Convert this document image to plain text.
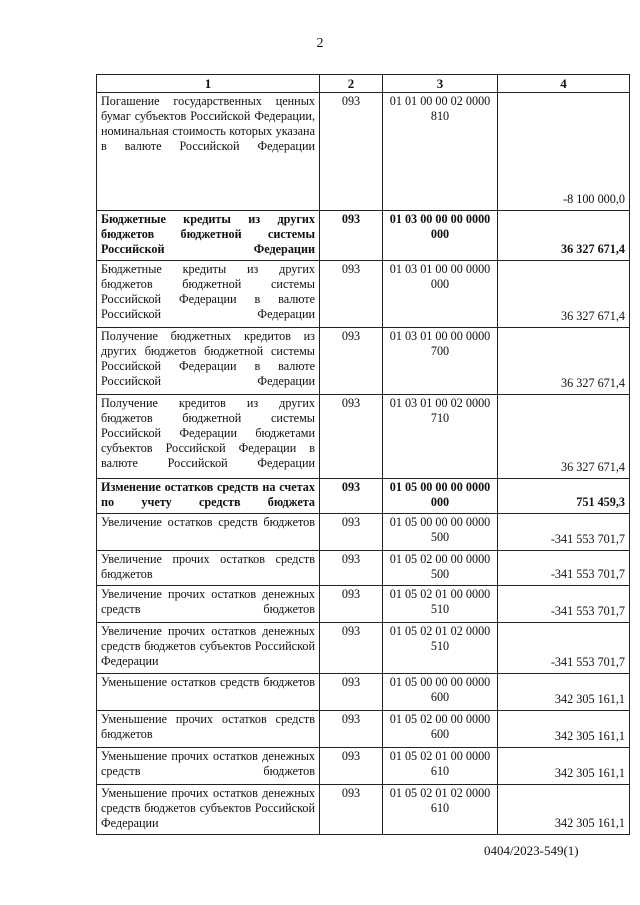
2
1	2	3	4
Погашение государственных ценных бумаг субъектов Российской Федерации, номинальная стоимость которых указана в валюте Российской Федерации	093	01 01 00 00 02 0000 810	-8 100 000,0
Бюджетные кредиты из других бюджетов бюджетной системы Российской Федерации	093	01 03 00 00 00 0000 000	36 327 671,4
Бюджетные кредиты из других бюджетов бюджетной системы Российской Федерации в валюте Российской Федерации	093	01 03 01 00 00 0000 000	36 327 671,4
Получение бюджетных кредитов из других бюджетов бюджетной системы Российской Федерации в валюте Российской Федерации	093	01 03 01 00 00 0000 700	36 327 671,4
Получение кредитов из других бюджетов бюджетной системы Российской Федерации бюджетами субъектов Российской Федерации в валюте Российской Федерации	093	01 03 01 00 02 0000 710	36 327 671,4
Изменение остатков средств на счетах по учету средств бюджета	093	01 05 00 00 00 0000 000	751 459,3
Увеличение остатков средств бюджетов	093	01 05 00 00 00 0000 500	-341 553 701,7
Увеличение прочих остатков средств бюджетов	093	01 05 02 00 00 0000 500	-341 553 701,7
Увеличение прочих остатков денежных средств бюджетов	093	01 05 02 01 00 0000 510	-341 553 701,7
Увеличение прочих остатков денежных средств бюджетов субъектов Российской Федерации	093	01 05 02 01 02 0000 510	-341 553 701,7
Уменьшение остатков средств бюджетов	093	01 05 00 00 00 0000 600	342 305 161,1
Уменьшение прочих остатков средств бюджетов	093	01 05 02 00 00 0000 600	342 305 161,1
Уменьшение прочих остатков денежных средств бюджетов	093	01 05 02 01 00 0000 610	342 305 161,1
Уменьшение прочих остатков денежных средств бюджетов субъектов Российской Федерации	093	01 05 02 01 02 0000 610	342 305 161,1
0404/2023-549(1)
